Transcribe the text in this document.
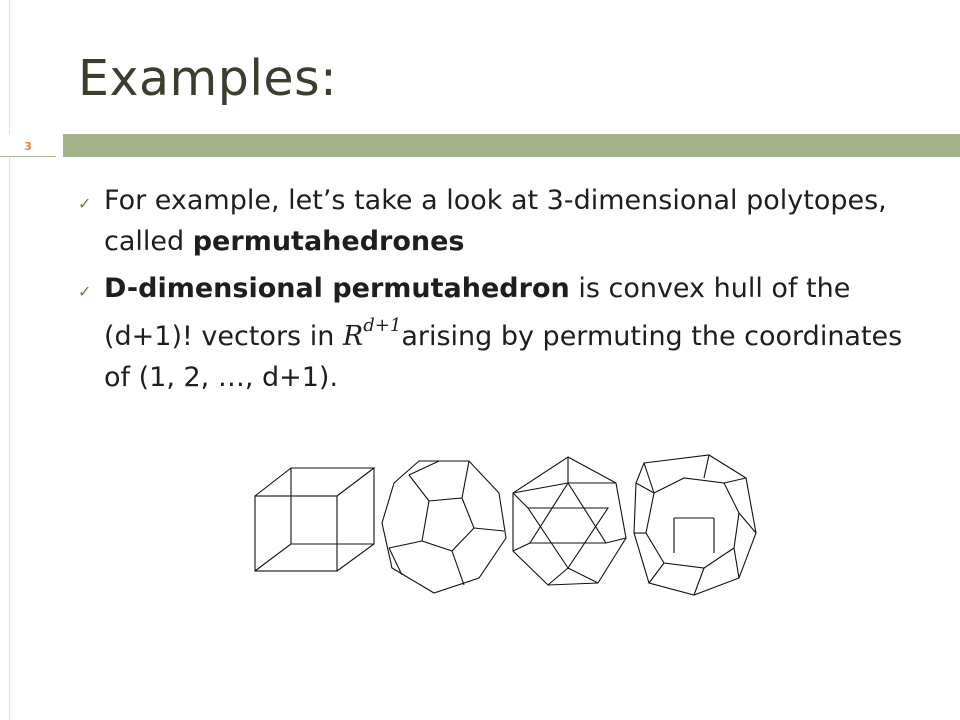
Examples:
3
✓ For example, let’s take a look at 3-dimensional polytopes, called permutahedrones
✓ D-dimensional permutahedron is convex hull of the (d+1)! vectors in $R^{d+1}arising$ by permuting the coordinates of (1, 2, …, d+1).
